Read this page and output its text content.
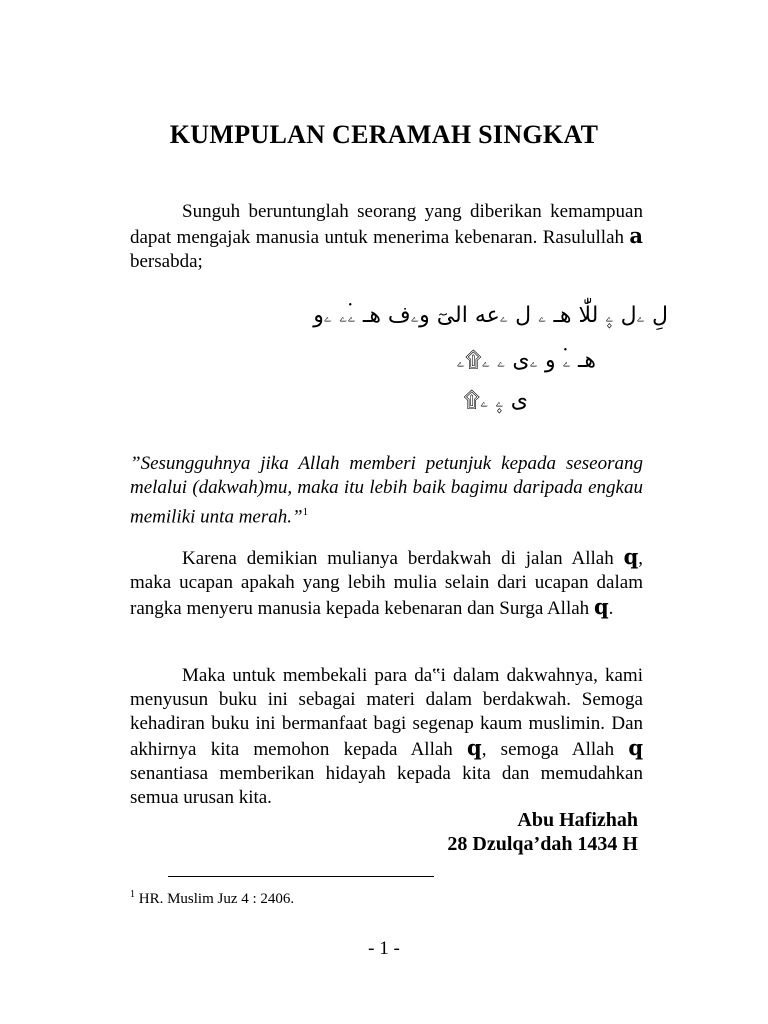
KUMPULAN CERAMAH SINGKAT

Sunguh beruntunglah seorang yang diberikan kemampuan dapat mengajak manusia untuk menerima kebenaran. Rasulullah a bersabda;

لِ ۦل ۦ۪ للّٰا هـ ۦ ل ۦعه الىٓ وۦف هـ ۦ۬ۦ ۦو
هـ ۦ۬ و ۦى ۦ ۦ۩ۦ
ى ۦ۪ ۦ۩

”Sesungguhnya jika Allah memberi petunjuk kepada seseorang melalui (dakwah)mu, maka itu lebih baik bagimu daripada engkau memiliki unta merah.”$^1$

Karena demikian mulianya berdakwah di jalan Allah q, maka ucapan apakah yang lebih mulia selain dari ucapan dalam rangka menyeru manusia kepada kebenaran dan Surga Allah q.

Maka untuk membekali para da‟i dalam dakwahnya, kami menyusun buku ini sebagai materi dalam berdakwah. Semoga kehadiran buku ini bermanfaat bagi segenap kaum muslimin. Dan akhirnya kita memohon kepada Allah q, semoga Allah q senantiasa memberikan hidayah kepada kita dan memudahkan semua urusan kita.

Abu Hafizhah
28 Dzulqa’dah 1434 H
$^1$ HR. Muslim Juz 4 : 2406.
- 1 -
